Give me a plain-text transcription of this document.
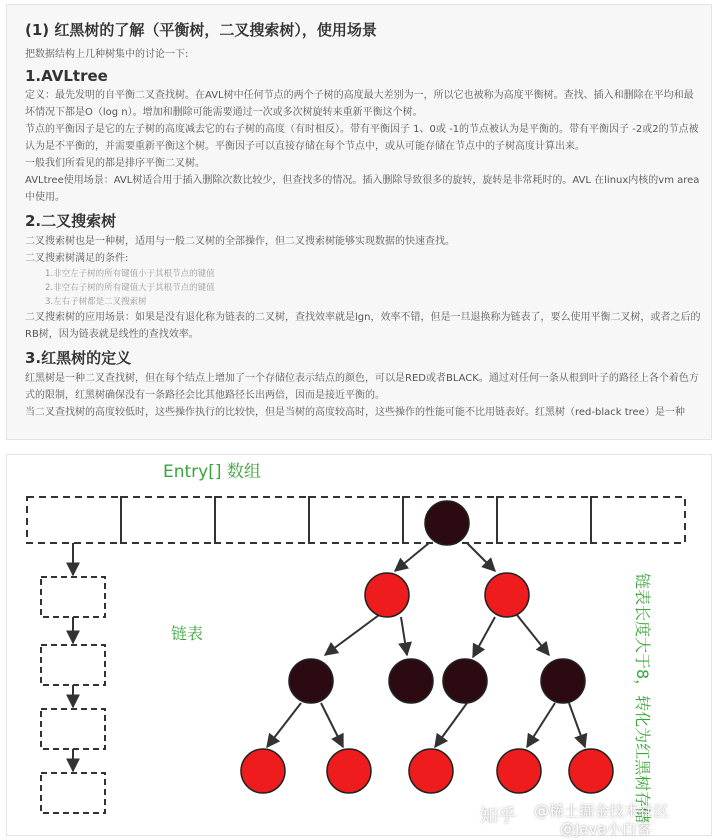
(1) 红黑树的了解（平衡树，二叉搜索树），使用场景

把数据结构上几种树集中的讨论一下:

1.AVLtree

定义：最先发明的自平衡二叉查找树。在AVL树中任何节点的两个子树的高度最大差别为一，所以它也被称为高度平衡树。查找、插入和删除在平均和最坏情况下都是O（log n）。增加和删除可能需要通过一次或多次树旋转来重新平衡这个树。

节点的平衡因子是它的左子树的高度减去它的右子树的高度（有时相反）。带有平衡因子 1、0或 -1的节点被认为是平衡的。带有平衡因子 -2或2的节点被认为是不平衡的，并需要重新平衡这个树。平衡因子可以直接存储在每个节点中，或从可能存储在节点中的子树高度计算出来。

一般我们所看见的都是排序平衡二叉树。

AVLtree使用场景：AVL树适合用于插入删除次数比较少，但查找多的情况。插入删除导致很多的旋转，旋转是非常耗时的。AVL 在linux内核的vm area中使用。

2.二叉搜索树

二叉搜索树也是一种树，适用与一般二叉树的全部操作，但二叉搜索树能够实现数据的快速查找。

二叉搜索树满足的条件:

1.非空左子树的所有键值小于其根节点的键值

2.非空右子树的所有键值大于其根节点的键值

3.左右子树都是二叉搜索树

二叉搜索树的应用场景：如果是没有退化称为链表的二叉树，查找效率就是lgn，效率不错，但是一旦退换称为链表了，要么使用平衡二叉树，或者之后的RB树，因为链表就是线性的查找效率。

3.红黑树的定义

红黑树是一种二叉查找树，但在每个结点上增加了一个存储位表示结点的颜色，可以是RED或者BLACK。通过对任何一条从根到叶子的路径上各个着色方式的限制，红黑树确保没有一条路径会比其他路径长出两倍，因而是接近平衡的。

当二叉查找树的高度较低时，这些操作执行的比较快，但是当树的高度较高时，这些操作的性能可能不比用链表好。红黑树（red-black tree）是一种

Entry[] 数组
链表	链表长度大于8，转化为红黑树存储
知乎 @稀土掘金技术社区
@Java小白客
